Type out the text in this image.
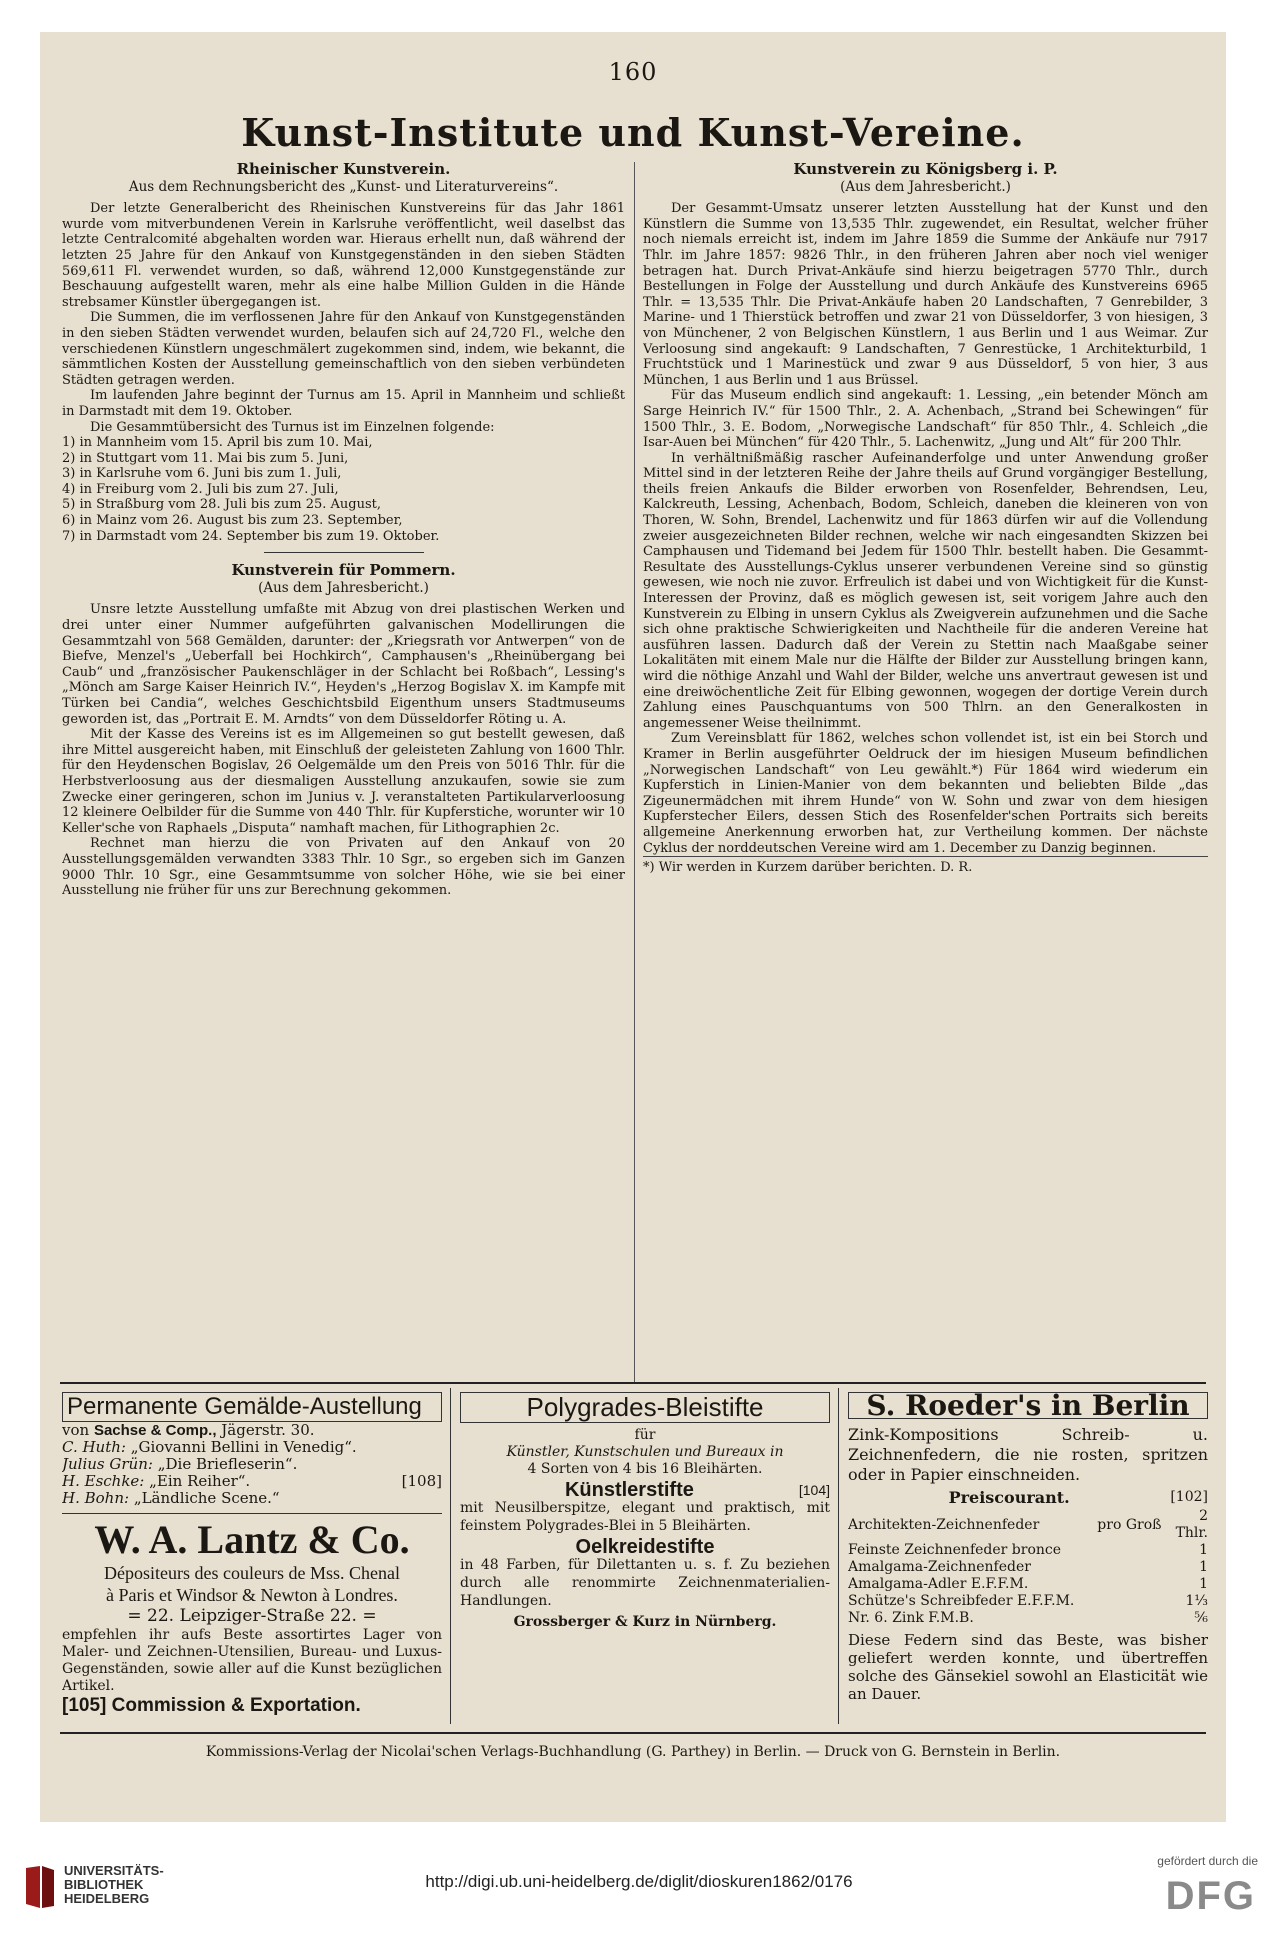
160
Kunst-Institute und Kunst-Vereine.
Rheinischer Kunstverein.
Aus dem Rechnungsbericht des „Kunst- und Literaturvereins“.

Der letzte Generalbericht des Rheinischen Kunstvereins für das Jahr 1861 wurde vom mitverbundenen Verein in Karlsruhe veröffentlicht, weil daselbst das letzte Centralcomité abgehalten worden war. Hieraus erhellt nun, daß während der letzten 25 Jahre für den Ankauf von Kunstgegenständen in den sieben Städten 569,611 Fl. verwendet wurden, so daß, während 12,000 Kunstgegenstände zur Beschauung aufgestellt waren, mehr als eine halbe Million Gulden in die Hände strebsamer Künstler übergegangen ist.

Die Summen, die im verflossenen Jahre für den Ankauf von Kunstgegenständen in den sieben Städten verwendet wurden, belaufen sich auf 24,720 Fl., welche den verschiedenen Künstlern ungeschmälert zugekommen sind, indem, wie bekannt, die sämmtlichen Kosten der Ausstellung gemeinschaftlich von den sieben verbündeten Städten getragen werden.

Im laufenden Jahre beginnt der Turnus am 15. April in Mannheim und schließt in Darmstadt mit dem 19. Oktober.

Die Gesammtübersicht des Turnus ist im Einzelnen folgende:

1) in Mannheim vom 15. April bis zum 10. Mai,
2) in Stuttgart vom 11. Mai bis zum 5. Juni,
3) in Karlsruhe vom 6. Juni bis zum 1. Juli,
4) in Freiburg vom 2. Juli bis zum 27. Juli,
5) in Straßburg vom 28. Juli bis zum 25. August,
6) in Mainz vom 26. August bis zum 23. September,
7) in Darmstadt vom 24. September bis zum 19. Oktober.
Kunstverein für Pommern.
(Aus dem Jahresbericht.)

Unsre letzte Ausstellung umfaßte mit Abzug von drei plastischen Werken und drei unter einer Nummer aufgeführten galvanischen Modellirungen die Gesammtzahl von 568 Gemälden, darunter: der „Kriegsrath vor Antwerpen“ von de Biefve, Menzel's „Ueberfall bei Hochkirch“, Camphausen's „Rheinübergang bei Caub“ und „französischer Paukenschläger in der Schlacht bei Roßbach“, Lessing's „Mönch am Sarge Kaiser Heinrich IV.“, Heyden's „Herzog Bogislav X. im Kampfe mit Türken bei Candia“, welches Geschichtsbild Eigenthum unsers Stadtmuseums geworden ist, das „Portrait E. M. Arndts“ von dem Düsseldorfer Röting u. A.

Mit der Kasse des Vereins ist es im Allgemeinen so gut bestellt gewesen, daß ihre Mittel ausgereicht haben, mit Einschluß der geleisteten Zahlung von 1600 Thlr. für den Heydenschen Bogislav, 26 Oelgemälde um den Preis von 5016 Thlr. für die Herbstverloosung aus der diesmaligen Ausstellung anzukaufen, sowie sie zum Zwecke einer geringeren, schon im Junius v. J. veranstalteten Partikularverloosung 12 kleinere Oelbilder für die Summe von 440 Thlr. für Kupferstiche, worunter wir 10 Keller'sche von Raphaels „Disputa“ namhaft machen, für Lithographien 2c.

Rechnet man hierzu die von Privaten auf den Ankauf von 20 Ausstellungsgemälden verwandten 3383 Thlr. 10 Sgr., so ergeben sich im Ganzen 9000 Thlr. 10 Sgr., eine Gesammtsumme von solcher Höhe, wie sie bei einer Ausstellung nie früher für uns zur Berechnung gekommen.

Kunstverein zu Königsberg i. P.
(Aus dem Jahresbericht.)

Der Gesammt-Umsatz unserer letzten Ausstellung hat der Kunst und den Künstlern die Summe von 13,535 Thlr. zugewendet, ein Resultat, welcher früher noch niemals erreicht ist, indem im Jahre 1859 die Summe der Ankäufe nur 7917 Thlr. im Jahre 1857: 9826 Thlr., in den früheren Jahren aber noch viel weniger betragen hat. Durch Privat-Ankäufe sind hierzu beigetragen 5770 Thlr., durch Bestellungen in Folge der Ausstellung und durch Ankäufe des Kunstvereins 6965 Thlr. = 13,535 Thlr. Die Privat-Ankäufe haben 20 Landschaften, 7 Genrebilder, 3 Marine- und 1 Thierstück betroffen und zwar 21 von Düsseldorfer, 3 von hiesigen, 3 von Münchener, 2 von Belgischen Künstlern, 1 aus Berlin und 1 aus Weimar. Zur Verloosung sind angekauft: 9 Landschaften, 7 Genrestücke, 1 Architekturbild, 1 Fruchtstück und 1 Marinestück und zwar 9 aus Düsseldorf, 5 von hier, 3 aus München, 1 aus Berlin und 1 aus Brüssel.

Für das Museum endlich sind angekauft: 1. Lessing, „ein betender Mönch am Sarge Heinrich IV.“ für 1500 Thlr., 2. A. Achenbach, „Strand bei Schewingen“ für 1500 Thlr., 3. E. Bodom, „Norwegische Landschaft“ für 850 Thlr., 4. Schleich „die Isar-Auen bei München“ für 420 Thlr., 5. Lachenwitz, „Jung und Alt“ für 200 Thlr.

In verhältnißmäßig rascher Aufeinanderfolge und unter Anwendung großer Mittel sind in der letzteren Reihe der Jahre theils auf Grund vorgängiger Bestellung, theils freien Ankaufs die Bilder erworben von Rosenfelder, Behrendsen, Leu, Kalckreuth, Lessing, Achenbach, Bodom, Schleich, daneben die kleineren von von Thoren, W. Sohn, Brendel, Lachenwitz und für 1863 dürfen wir auf die Vollendung zweier ausgezeichneten Bilder rechnen, welche wir nach eingesandten Skizzen bei Camphausen und Tidemand bei Jedem für 1500 Thlr. bestellt haben. Die Gesammt-Resultate des Ausstellungs-Cyklus unserer verbundenen Vereine sind so günstig gewesen, wie noch nie zuvor. Erfreulich ist dabei und von Wichtigkeit für die Kunst-Interessen der Provinz, daß es möglich gewesen ist, seit vorigem Jahre auch den Kunstverein zu Elbing in unsern Cyklus als Zweigverein aufzunehmen und die Sache sich ohne praktische Schwierigkeiten und Nachtheile für die anderen Vereine hat ausführen lassen. Dadurch daß der Verein zu Stettin nach Maaßgabe seiner Lokalitäten mit einem Male nur die Hälfte der Bilder zur Ausstellung bringen kann, wird die nöthige Anzahl und Wahl der Bilder, welche uns anvertraut gewesen ist und eine dreiwöchentliche Zeit für Elbing gewonnen, wogegen der dortige Verein durch Zahlung eines Pauschquantums von 500 Thlrn. an den Generalkosten in angemessener Weise theilnimmt.

Zum Vereinsblatt für 1862, welches schon vollendet ist, ist ein bei Storch und Kramer in Berlin ausgeführter Oeldruck der im hiesigen Museum befindlichen „Norwegischen Landschaft“ von Leu gewählt.*) Für 1864 wird wiederum ein Kupferstich in Linien-Manier von dem bekannten und beliebten Bilde „das Zigeunermädchen mit ihrem Hunde“ von W. Sohn und zwar von dem hiesigen Kupferstecher Eilers, dessen Stich des Rosenfelder'schen Portraits sich bereits allgemeine Anerkennung erworben hat, zur Vertheilung kommen. Der nächste Cyklus der norddeutschen Vereine wird am 1. December zu Danzig beginnen.

*) Wir werden in Kurzem darüber berichten. D. R.

Permanente Gemälde-Austellung
von Sachse & Comp., Jägerstr. 30.
C. Huth: „Giovanni Bellini in Venedig“.
Julius Grün: „Die Briefleserin“.
H. Eschke: „Ein Reiher“.	[108]
H. Bohn: „Ländliche Scene.“
W. A. Lantz & Co.
Dépositeurs des couleurs de Mss. Chenal
à Paris et Windsor & Newton à Londres.
= 22. Leipziger-Straße 22. =
empfehlen ihr aufs Beste assortirtes Lager von Maler- und Zeichnen-Utensilien, Bureau- und Luxus-Gegenständen, sowie aller auf die Kunst bezüglichen Artikel.
[105] Commission & Exportation.
Polygrades-Bleistifte
für
Künstler, Kunstschulen und Bureaux in
4 Sorten von 4 bis 16 Bleihärten.
Künstlerstifte	[104]
mit Neusilberspitze, elegant und praktisch, mit feinstem Polygrades-Blei in 5 Bleihärten.
Oelkreidestifte
in 48 Farben, für Dilettanten u. s. f. Zu beziehen durch alle renommirte Zeichnenmaterialien-Handlungen.
Grossberger & Kurz in Nürnberg.
S. Roeder's in Berlin
Zink-Kompositions Schreib- u. Zeichnenfedern, die nie rosten, spritzen oder in Papier einschneiden.
Preiscourant.	[102]
Architekten-Zeichnenfeder	pro Groß	2 Thlr.
Feinste Zeichnenfeder bronce		1
Amalgama-Zeichnenfeder		1
Amalgama-Adler E.F.F.M.		1
Schütze's Schreibfeder E.F.F.M.		1⅓
Nr. 6. Zink F.M.B.		⅚
Diese Federn sind das Beste, was bisher geliefert werden konnte, und übertreffen solche des Gänsekiel sowohl an Elasticität wie an Dauer.
Kommissions-Verlag der Nicolai'schen Verlags-Buchhandlung (G. Parthey) in Berlin. — Druck von G. Bernstein in Berlin.
UNIVERSITÄTS-
BIBLIOTHEK
HEIDELBERG
http://digi.ub.uni-heidelberg.de/diglit/dioskuren1862/0176
gefördert durch die
DFG
